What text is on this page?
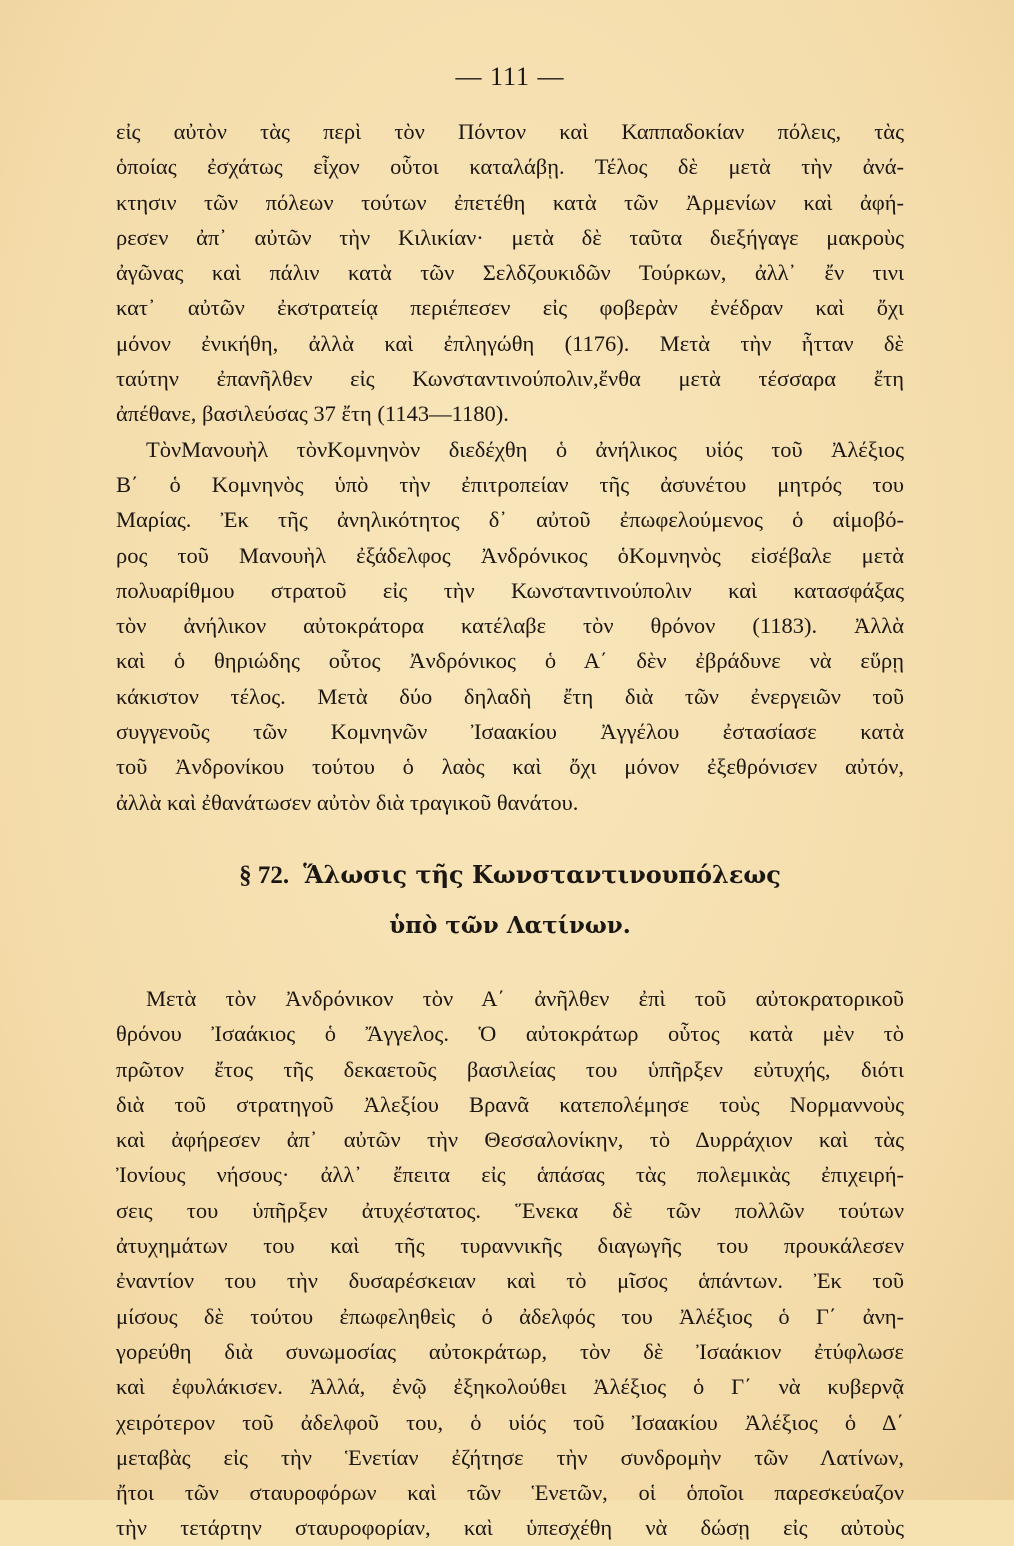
— 111 —
εἰς αὐτὸν τὰς περὶ τὸν Πόντον καὶ Καππαδοκίαν πόλεις, τὰς
ὁποίας ἐσχάτως εἶχον οὗτοι καταλάβῃ. Τέλος δὲ μετὰ τὴν ἀνά-
κτησιν τῶν πόλεων τούτων ἐπετέθη κατὰ τῶν Ἀρμενίων καὶ ἀφή-
ρεσεν ἀπ᾽ αὐτῶν τὴν Κιλικίαν· μετὰ δὲ ταῦτα διεξήγαγε μακροὺς
ἀγῶνας καὶ πάλιν κατὰ τῶν Σελδζουκιδῶν Τούρκων, ἀλλ᾽ ἔν τινι
κατ᾽ αὐτῶν ἐκστρατείᾳ περιέπεσεν εἰς φοβερὰν ἐνέδραν καὶ ὄχι
μόνον ἐνικήθη, ἀλλὰ καὶ ἐπληγώθη (1176). Μετὰ τὴν ἧτταν δὲ
ταύτην ἐπανῆλθεν εἰς Κωνσταντινούπολιν,ἔνθα μετὰ τέσσαρα ἔτη
ἀπέθανε, βασιλεύσας 37 ἔτη (1143—1180).
ΤὸνΜανουὴλ τὸνΚομνηνὸν διεδέχθη ὁ ἀνήλικος υἱός τοῦ Ἀλέξιος
Β΄ ὁ Κομνηνὸς ὑπὸ τὴν ἐπιτροπείαν τῆς ἀσυνέτου μητρός του
Μαρίας. Ἐκ τῆς ἀνηλικότητος δ᾽ αὐτοῦ ἐπωφελούμενος ὁ αἱμοβό-
ρος τοῦ Μανουὴλ ἐξάδελφος Ἀνδρόνικος ὁΚομνηνὸς εἰσέβαλε μετὰ
πολυαρίθμου στρατοῦ εἰς τὴν Κωνσταντινούπολιν καὶ κατασφάξας
τὸν ἀνήλικον αὐτοκράτορα κατέλαβε τὸν θρόνον (1183). Ἀλλὰ
καὶ ὁ θηριώδης οὗτος Ἀνδρόνικος ὁ Α΄ δὲν ἐβράδυνε νὰ εὕρῃ
κάκιστον τέλος. Μετὰ δύο δηλαδὴ ἔτη διὰ τῶν ἐνεργειῶν τοῦ
συγγενοῦς τῶν Κομνηνῶν Ἰσαακίου Ἀγγέλου ἐστασίασε κατὰ
τοῦ Ἀνδρονίκου τούτου ὁ λαὸς καὶ ὄχι μόνον ἐξεθρόνισεν αὐτόν,
ἀλλὰ καὶ ἐθανάτωσεν αὐτὸν διὰ τραγικοῦ θανάτου.
§ 72. Ἅλωσις τῆς Κωνσταντινουπόλεως
ὑπὸ τῶν Λατίνων.
Μετὰ τὸν Ἀνδρόνικον τὸν Α΄ ἀνῆλθεν ἐπὶ τοῦ αὐτοκρατορικοῦ
θρόνου Ἰσαάκιος ὁ Ἄγγελος. Ὁ αὐτοκράτωρ οὗτος κατὰ μὲν τὸ
πρῶτον ἔτος τῆς δεκαετοῦς βασιλείας του ὑπῆρξεν εὐτυχής, διότι
διὰ τοῦ στρατηγοῦ Ἀλεξίου Βρανᾶ κατεπολέμησε τοὺς Νορμαννοὺς
καὶ ἀφήρεσεν ἀπ᾽ αὐτῶν τὴν Θεσσαλονίκην, τὸ Δυρράχιον καὶ τὰς
Ἰονίους νήσους· ἀλλ᾽ ἔπειτα εἰς ἁπάσας τὰς πολεμικὰς ἐπιχειρή-
σεις του ὑπῆρξεν ἀτυχέστατος. Ἕνεκα δὲ τῶν πολλῶν τούτων
ἀτυχημάτων του καὶ τῆς τυραννικῆς διαγωγῆς του προυκάλεσεν
ἐναντίον του τὴν δυσαρέσκειαν καὶ τὸ μῖσος ἁπάντων. Ἐκ τοῦ
μίσους δὲ τούτου ἐπωφεληθεὶς ὁ ἀδελφός του Ἀλέξιος ὁ Γ΄ ἀνη-
γορεύθη διὰ συνωμοσίας αὐτοκράτωρ, τὸν δὲ Ἰσαάκιον ἐτύφλωσε
καὶ ἐφυλάκισεν. Ἀλλά, ἐνῷ ἐξηκολούθει Ἀλέξιος ὁ Γ΄ νὰ κυβερνᾷ
χειρότερον τοῦ ἀδελφοῦ του, ὁ υἱός τοῦ Ἰσαακίου Ἀλέξιος ὁ Δ΄
μεταβὰς εἰς τὴν Ἑνετίαν ἐζήτησε τὴν συνδρομὴν τῶν Λατίνων,
ἤτοι τῶν σταυροφόρων καὶ τῶν Ἑνετῶν, οἱ ὁποῖοι παρεσκεύαζον
τὴν τετάρτην σταυροφορίαν, καὶ ὑπεσχέθη νὰ δώσῃ εἰς αὐτοὺς
